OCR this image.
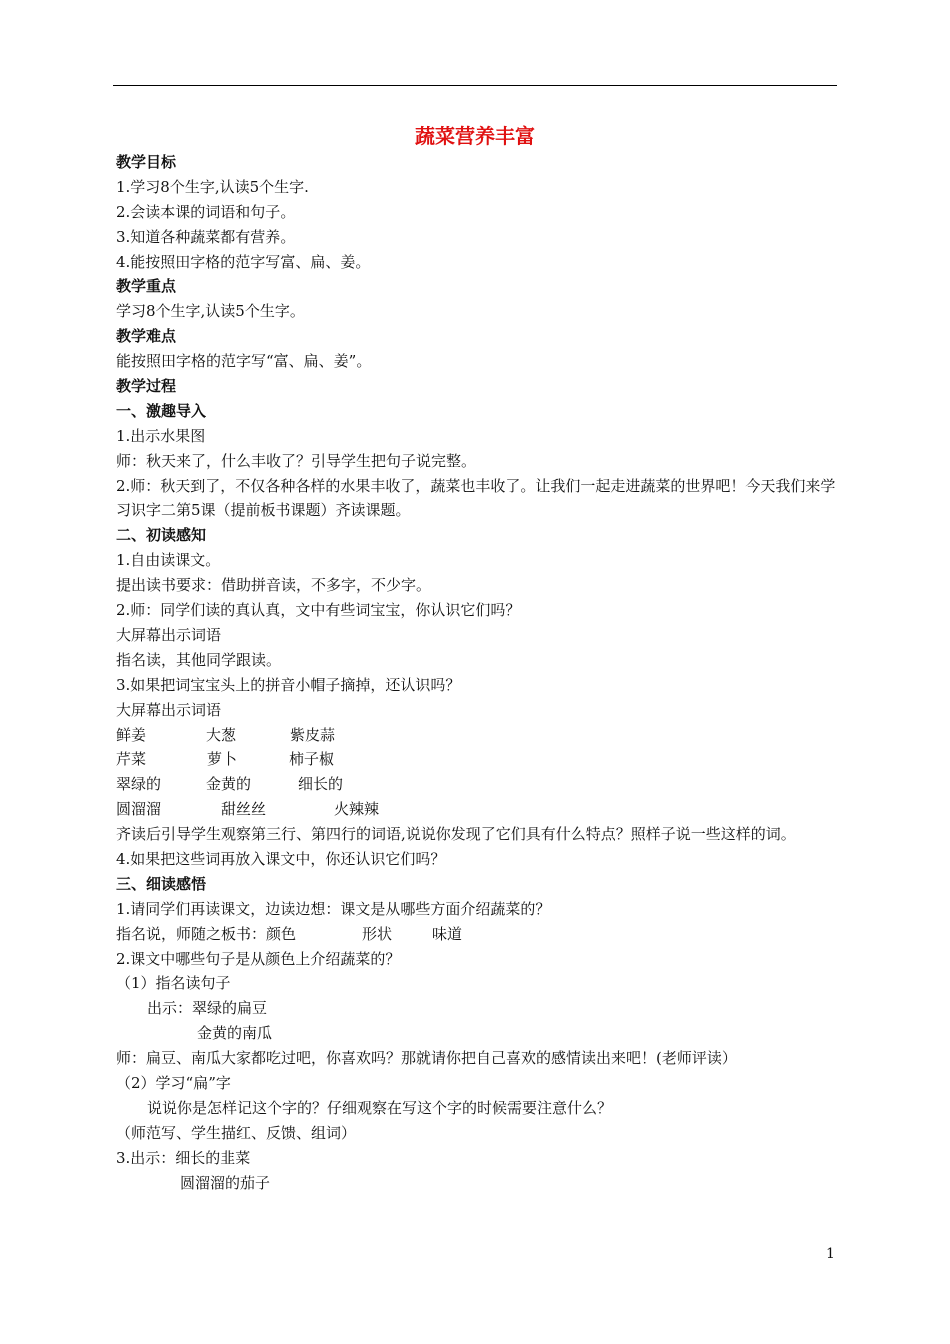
蔬菜营养丰富
教学目标
1.学习8个生字,认读5个生字.
2.会读本课的词语和句子。
3.知道各种蔬菜都有营养。
4.能按照田字格的范字写富、扁、姜。
教学重点
学习8个生字,认读5个生字。
教学难点
能按照田字格的范字写“富、扁、姜”。
教学过程
一、激趣导入
1.出示水果图
师：秋天来了，什么丰收了？引导学生把句子说完整。
2.师：秋天到了，不仅各种各样的水果丰收了，蔬菜也丰收了。让我们一起走进蔬菜的世界吧！今天我们来学习识字二第5课（提前板书课题）齐读课题。
二、初读感知
1.自由读课文。
提出读书要求：借助拼音读，不多字，不少字。
2.师：同学们读的真认真，文中有些词宝宝，你认识它们吗？
大屏幕出示词语
指名读，其他同学跟读。
3.如果把词宝宝头上的拼音小帽子摘掉，还认识吗？
大屏幕出示词语
鲜姜	大葱	紫皮蒜
芹菜	萝卜	柿子椒
翠绿的	金黄的	细长的
圆溜溜	甜丝丝	火辣辣
齐读后引导学生观察第三行、第四行的词语,说说你发现了它们具有什么特点？照样子说一些这样的词。
4.如果把这些词再放入课文中，你还认识它们吗？
三、细读感悟
1.请同学们再读课文，边读边想：课文是从哪些方面介绍蔬菜的？
指名说，师随之板书：颜色	形状	味道
2.课文中哪些句子是从颜色上介绍蔬菜的？
（1）指名读句子
出示：翠绿的扁豆
金黄的南瓜
师：扁豆、南瓜大家都吃过吧，你喜欢吗？那就请你把自己喜欢的感情读出来吧！(老师评读）
（2）学习“扁”字
说说你是怎样记这个字的？仔细观察在写这个字的时候需要注意什么？
（师范写、学生描红、反馈、组词）
3.出示：细长的韭菜
圆溜溜的茄子
1
